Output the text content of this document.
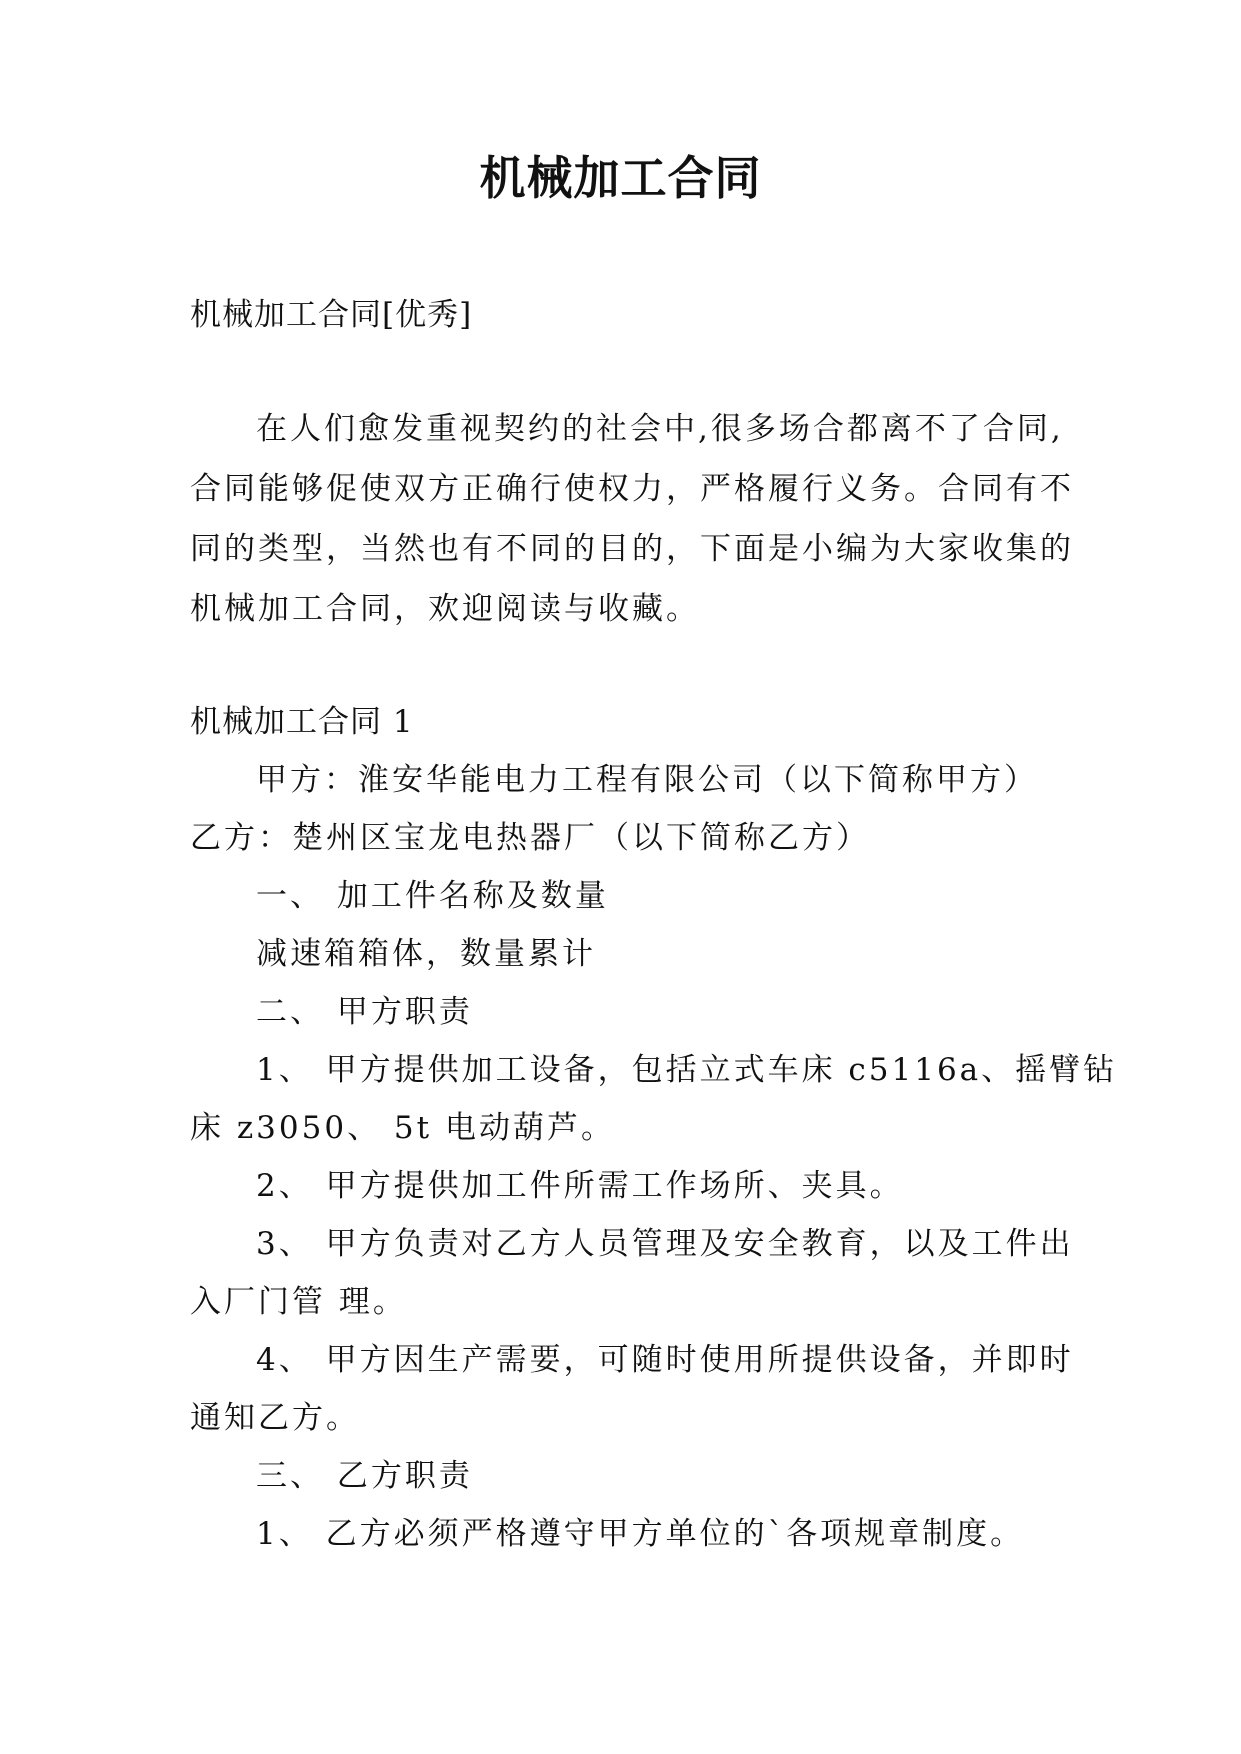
机械加工合同
机械加工合同[优秀]
在人们愈发重视契约的社会中,很多场合都离不了合同,
合同能够促使双方正确行使权力，严格履行义务。合同有不
同的类型，当然也有不同的目的，下面是小编为大家收集的
机械加工合同，欢迎阅读与收藏。
机械加工合同 1
甲方：淮安华能电力工程有限公司（以下简称甲方）
乙方：楚州区宝龙电热器厂（以下简称乙方）
一、 加工件名称及数量
减速箱箱体，数量累计
二、 甲方职责
1、 甲方提供加工设备，包括立式车床 c5116a、摇臂钻
床 z3050、 5t 电动葫芦。
2、 甲方提供加工件所需工作场所、夹具。
3、 甲方负责对乙方人员管理及安全教育，以及工件出
入厂门管 理。
4、 甲方因生产需要，可随时使用所提供设备，并即时
通知乙方。
三、 乙方职责
1、 乙方必须严格遵守甲方单位的`各项规章制度。
